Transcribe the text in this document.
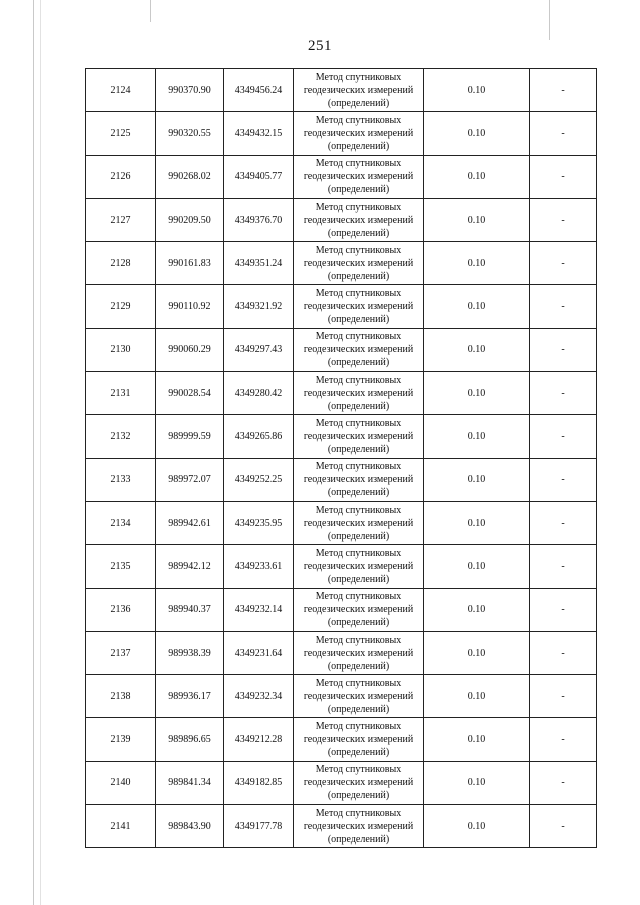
251
2124	990370.90	4349456.24	Метод спутниковых
геодезических измерений
(определений)	0.10	-
2125	990320.55	4349432.15	Метод спутниковых
геодезических измерений
(определений)	0.10	-
2126	990268.02	4349405.77	Метод спутниковых
геодезических измерений
(определений)	0.10	-
2127	990209.50	4349376.70	Метод спутниковых
геодезических измерений
(определений)	0.10	-
2128	990161.83	4349351.24	Метод спутниковых
геодезических измерений
(определений)	0.10	-
2129	990110.92	4349321.92	Метод спутниковых
геодезических измерений
(определений)	0.10	-
2130	990060.29	4349297.43	Метод спутниковых
геодезических измерений
(определений)	0.10	-
2131	990028.54	4349280.42	Метод спутниковых
геодезических измерений
(определений)	0.10	-
2132	989999.59	4349265.86	Метод спутниковых
геодезических измерений
(определений)	0.10	-
2133	989972.07	4349252.25	Метод спутниковых
геодезических измерений
(определений)	0.10	-
2134	989942.61	4349235.95	Метод спутниковых
геодезических измерений
(определений)	0.10	-
2135	989942.12	4349233.61	Метод спутниковых
геодезических измерений
(определений)	0.10	-
2136	989940.37	4349232.14	Метод спутниковых
геодезических измерений
(определений)	0.10	-
2137	989938.39	4349231.64	Метод спутниковых
геодезических измерений
(определений)	0.10	-
2138	989936.17	4349232.34	Метод спутниковых
геодезических измерений
(определений)	0.10	-
2139	989896.65	4349212.28	Метод спутниковых
геодезических измерений
(определений)	0.10	-
2140	989841.34	4349182.85	Метод спутниковых
геодезических измерений
(определений)	0.10	-
2141	989843.90	4349177.78	Метод спутниковых
геодезических измерений
(определений)	0.10	-
